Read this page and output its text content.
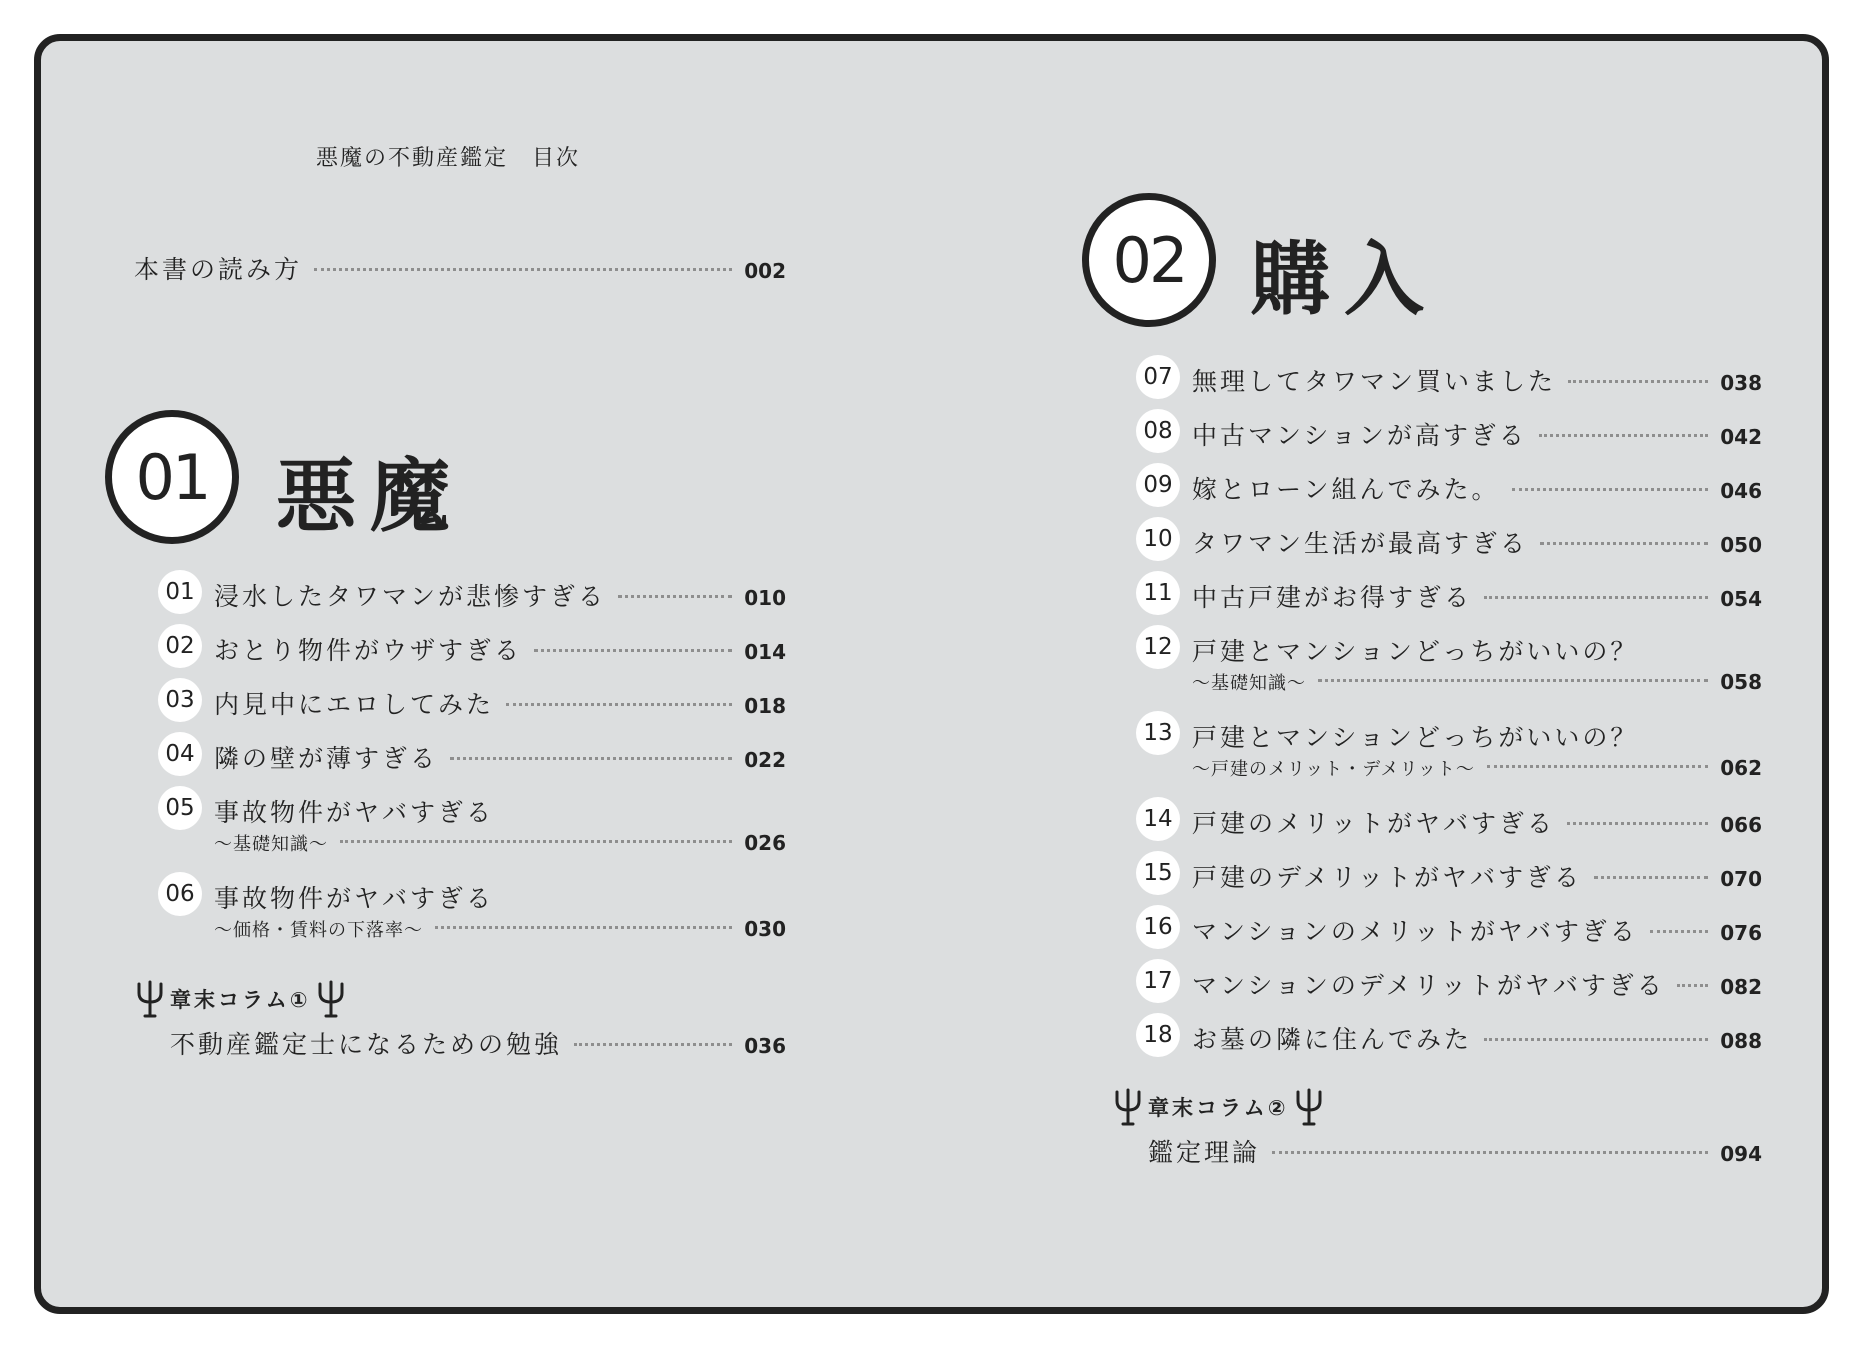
悪魔の不動産鑑定　目次
本書の読み方	002
01 悪魔
01 浸水したタワマンが悲惨すぎる	010
02 おとり物件がウザすぎる	014
03 内見中にエロしてみた	018
04 隣の壁が薄すぎる	022
05 事故物件がヤバすぎる
～基礎知識～	026
06 事故物件がヤバすぎる
～価格・賃料の下落率～	030
章末コラム①
不動産鑑定士になるための勉強	036
02 購入
07 無理してタワマン買いました	038
08 中古マンションが高すぎる	042
09 嫁とローン組んでみた。	046
10 タワマン生活が最高すぎる	050
11 中古戸建がお得すぎる	054
12 戸建とマンションどっちがいいの？
～基礎知識～	058
13 戸建とマンションどっちがいいの？
～戸建のメリット・デメリット～	062
14 戸建のメリットがヤバすぎる	066
15 戸建のデメリットがヤバすぎる	070
16 マンションのメリットがヤバすぎる	076
17 マンションのデメリットがヤバすぎる	082
18 お墓の隣に住んでみた	088
章末コラム②
鑑定理論	094
